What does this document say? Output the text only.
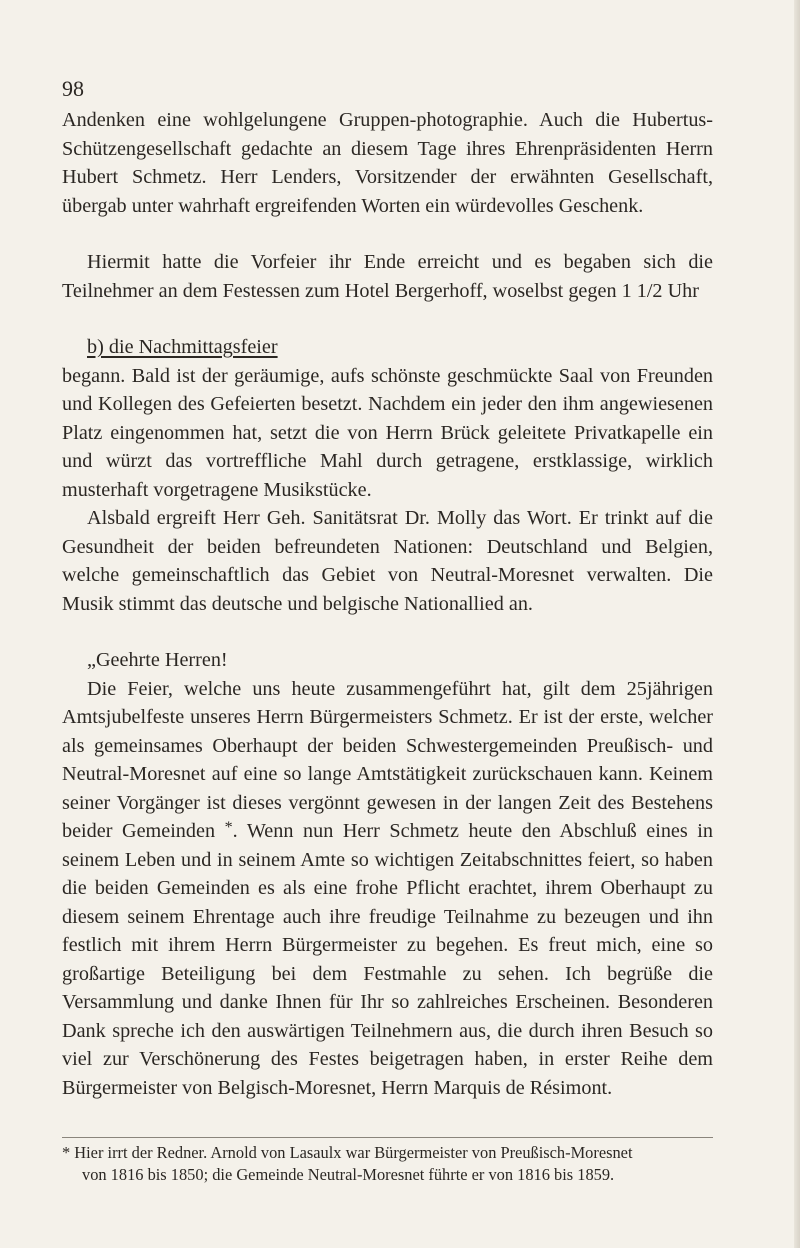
98

Andenken eine wohlgelungene Gruppen-photographie. Auch die Hubertus-Schützengesellschaft gedachte an diesem Tage ihres Ehrenpräsidenten Herrn Hubert Schmetz. Herr Lenders, Vorsitzender der erwähnten Gesellschaft, übergab unter wahrhaft ergreifenden Worten ein würdevolles Geschenk.

Hiermit hatte die Vorfeier ihr Ende erreicht und es begaben sich die Teilnehmer an dem Festessen zum Hotel Bergerhoff, woselbst gegen 1 1/2 Uhr

b) die Nachmittagsfeier

begann. Bald ist der geräumige, aufs schönste geschmückte Saal von Freunden und Kollegen des Gefeierten besetzt. Nachdem ein jeder den ihm angewiesenen Platz eingenommen hat, setzt die von Herrn Brück geleitete Privatkapelle ein und würzt das vortreffliche Mahl durch getragene, erstklassige, wirklich musterhaft vorgetragene Musikstücke.

Alsbald ergreift Herr Geh. Sanitätsrat Dr. Molly das Wort. Er trinkt auf die Gesundheit der beiden befreundeten Nationen: Deutschland und Belgien, welche gemeinschaftlich das Gebiet von Neutral-Moresnet verwalten. Die Musik stimmt das deutsche und belgische Nationallied an.

„Geehrte Herren!

Die Feier, welche uns heute zusammengeführt hat, gilt dem 25jährigen Amtsjubelfeste unseres Herrn Bürgermeisters Schmetz. Er ist der erste, welcher als gemeinsames Oberhaupt der beiden Schwestergemeinden Preußisch- und Neutral-Moresnet auf eine so lange Amtstätigkeit zurückschauen kann. Keinem seiner Vorgänger ist dieses vergönnt gewesen in der langen Zeit des Bestehens beider Gemeinden *. Wenn nun Herr Schmetz heute den Abschluß eines in seinem Leben und in seinem Amte so wichtigen Zeitabschnittes feiert, so haben die beiden Gemeinden es als eine frohe Pflicht erachtet, ihrem Oberhaupt zu diesem seinem Ehrentage auch ihre freudige Teilnahme zu bezeugen und ihn festlich mit ihrem Herrn Bürgermeister zu begehen. Es freut mich, eine so großartige Beteiligung bei dem Festmahle zu sehen. Ich begrüße die Versammlung und danke Ihnen für Ihr so zahlreiches Erscheinen. Besonderen Dank spreche ich den auswärtigen Teilnehmern aus, die durch ihren Besuch so viel zur Verschönerung des Festes beigetragen haben, in erster Reihe dem Bürgermeister von Belgisch-Moresnet, Herrn Marquis de Résimont.

* Hier irrt der Redner. Arnold von Lasaulx war Bürgermeister von Preußisch-Moresnet
von 1816 bis 1850; die Gemeinde Neutral-Moresnet führte er von 1816 bis 1859.
